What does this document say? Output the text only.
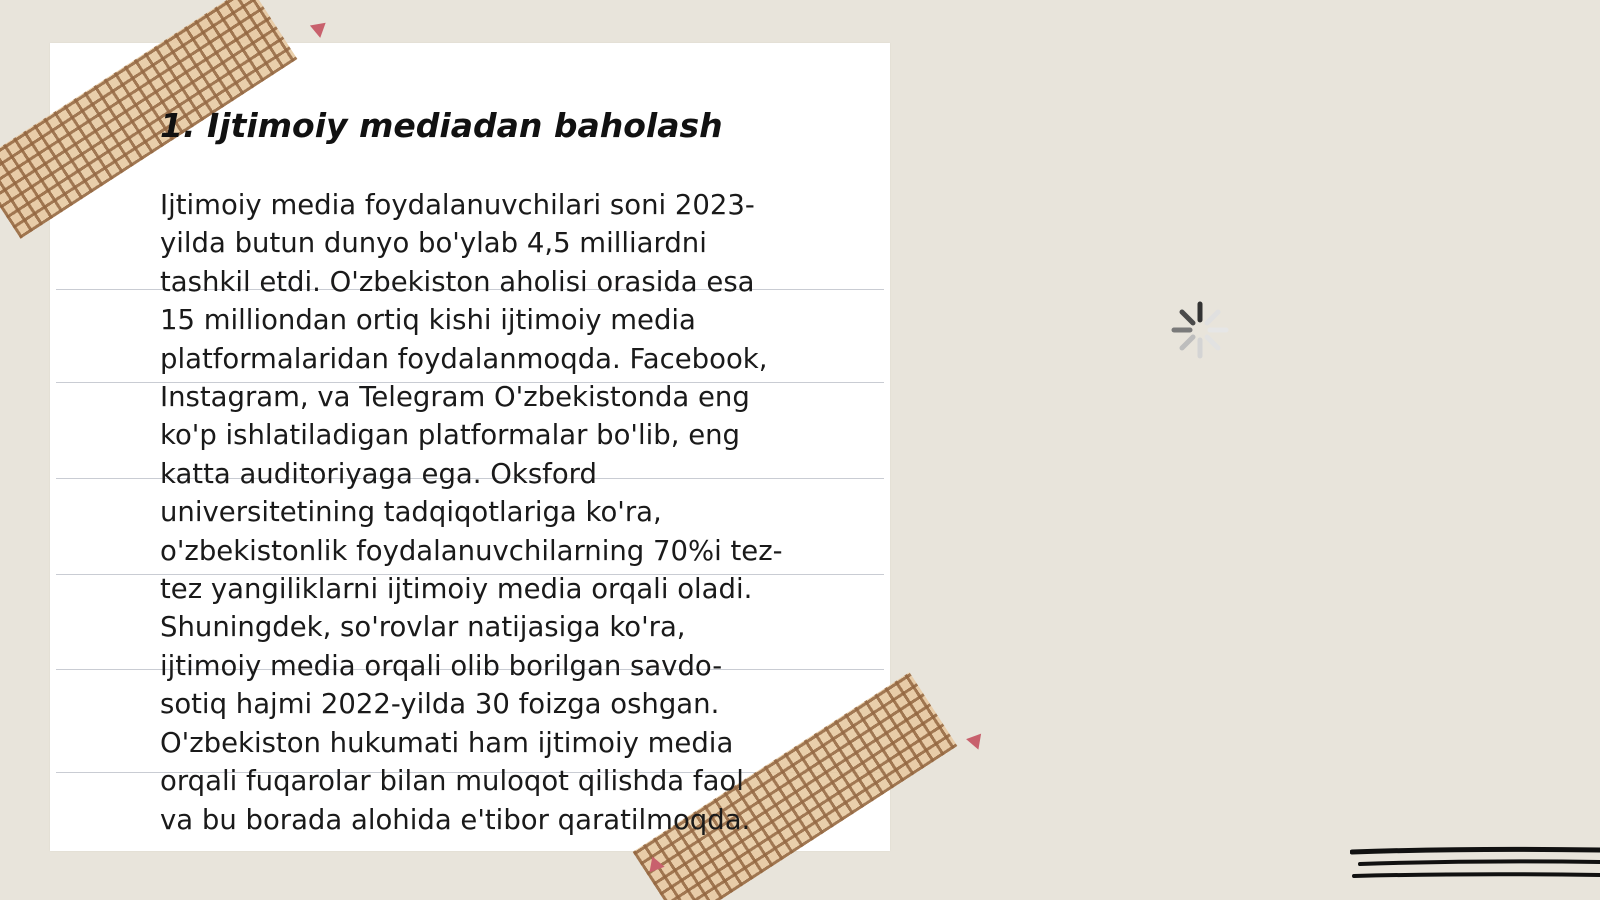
1. Ijtimoiy mediadan baholash

Ijtimoiy media foydalanuvchilari soni 2023-
yilda butun dunyo bo'ylab 4,5 milliardni
tashkil etdi. O'zbekiston aholisi orasida esa
15 milliondan ortiq kishi ijtimoiy media
platformalaridan foydalanmoqda. Facebook,
Instagram, va Telegram O'zbekistonda eng
ko'p ishlatiladigan platformalar bo'lib, eng
katta auditoriyaga ega. Oksford
universitetining tadqiqotlariga ko'ra,
o'zbekistonlik foydalanuvchilarning 70%i tez-
tez yangiliklarni ijtimoiy media orqali oladi.
Shuningdek, so'rovlar natijasiga ko'ra,
ijtimoiy media orqali olib borilgan savdo-
sotiq hajmi 2022-yilda 30 foizga oshgan.
O'zbekiston hukumati ham ijtimoiy media
orqali fuqarolar bilan muloqot qilishda faol
va bu borada alohida e'tibor qaratilmoqda.
